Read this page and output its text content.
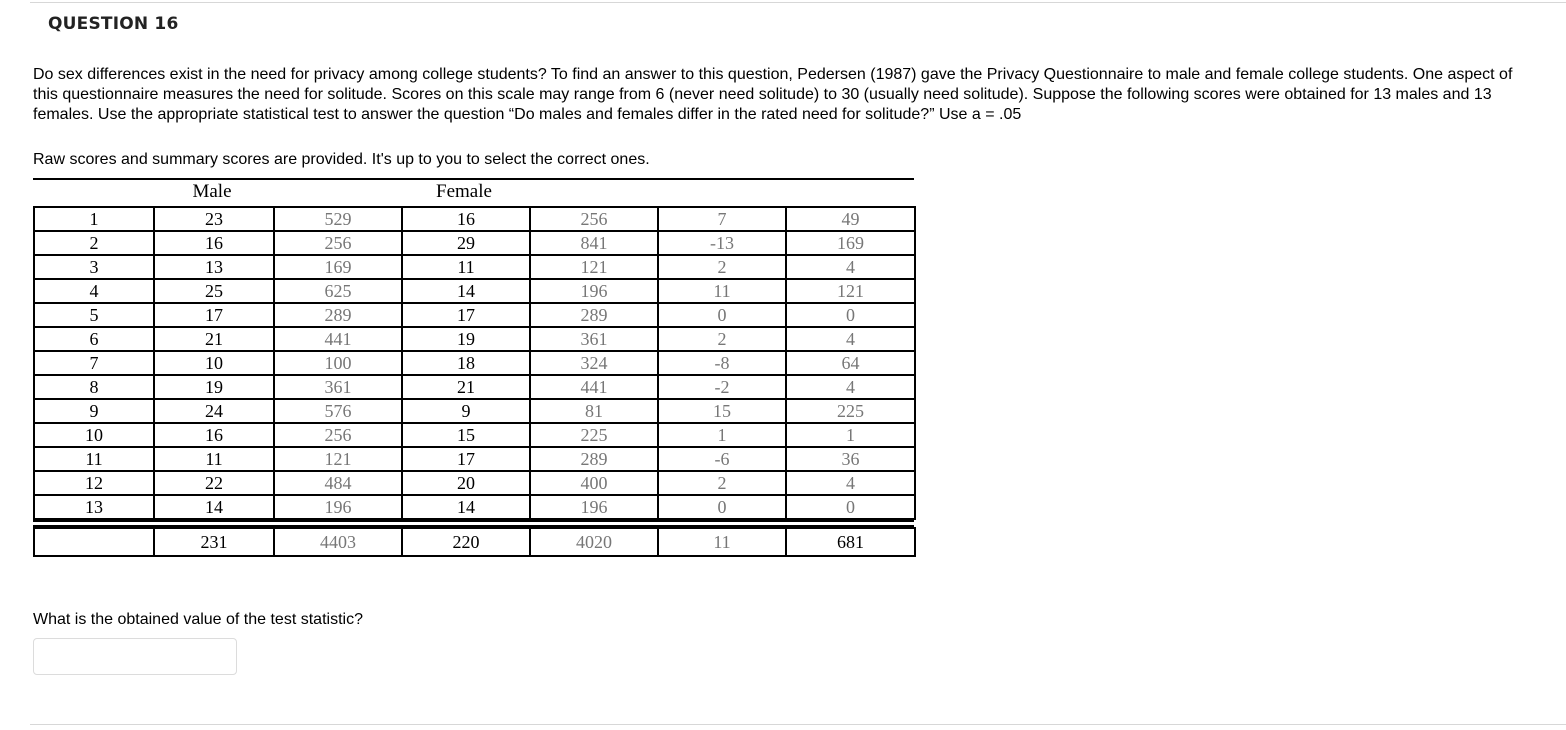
QUESTION 16

Do sex differences exist in the need for privacy among college students? To find an answer to this question, Pedersen (1987) gave the Privacy Questionnaire to male and female college students. One aspect of this questionnaire measures the need for solitude. Scores on this scale may range from 6 (never need solitude) to 30 (usually need solitude). Suppose the following scores were obtained for 13 males and 13 females. Use the appropriate statistical test to answer the question “Do males and females differ in the rated need for solitude?” Use a = .05

Raw scores and summary scores are provided. It's up to you to select the correct ones.
Male	Female
1	23	529	16	256	7	49
2	16	256	29	841	-13	169
3	13	169	11	121	2	4
4	25	625	14	196	11	121
5	17	289	17	289	0	0
6	21	441	19	361	2	4
7	10	100	18	324	-8	64
8	19	361	21	441	-2	4
9	24	576	9	81	15	225
10	16	256	15	225	1	1
11	11	121	17	289	-6	36
12	22	484	20	400	2	4
13	14	196	14	196	0	0
	231	4403	220	4020	11	681
What is the obtained value of the test statistic?
